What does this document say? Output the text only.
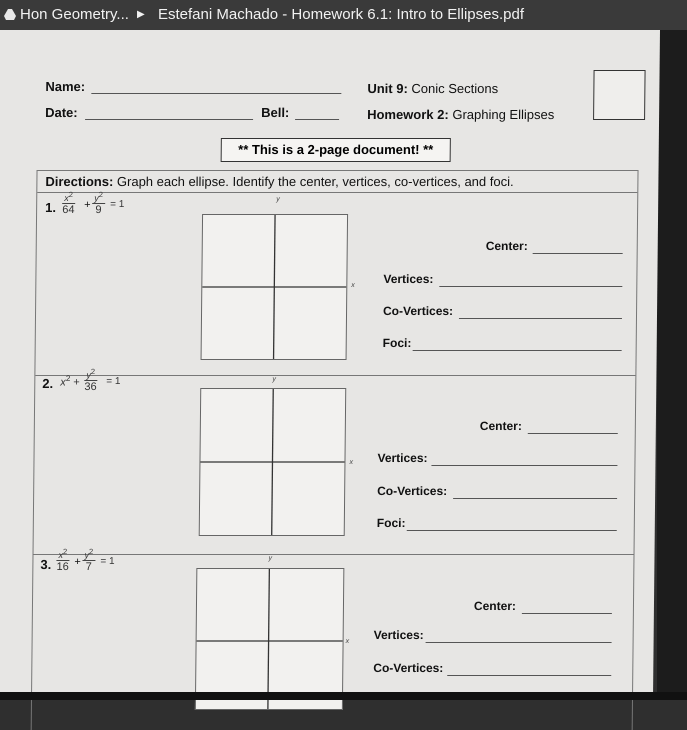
Hon Geometry... ▶ Estefani Machado - Homework 6.1: Intro to Ellipses.pdf
Name:
Date:	Bell:
Unit 9: Conic Sections
Homework 2: Graphing Ellipses
** This is a 2-page document! **
Directions: Graph each ellipse. Identify the center, vertices, co-vertices, and foci.
1.
$x^2$
64 +
$y^2$
9 = 1	y
x
Center:
Vertices:
Co-Vertices:
Foci:
2. $x^2$ +
$y^2$
36 = 1	y
x
Center:
Vertices:
Co-Vertices:
Foci:
3.
$x^2$
16 +
$y^2$
7 = 1	y
x
Center:
Vertices:
Co-Vertices:
